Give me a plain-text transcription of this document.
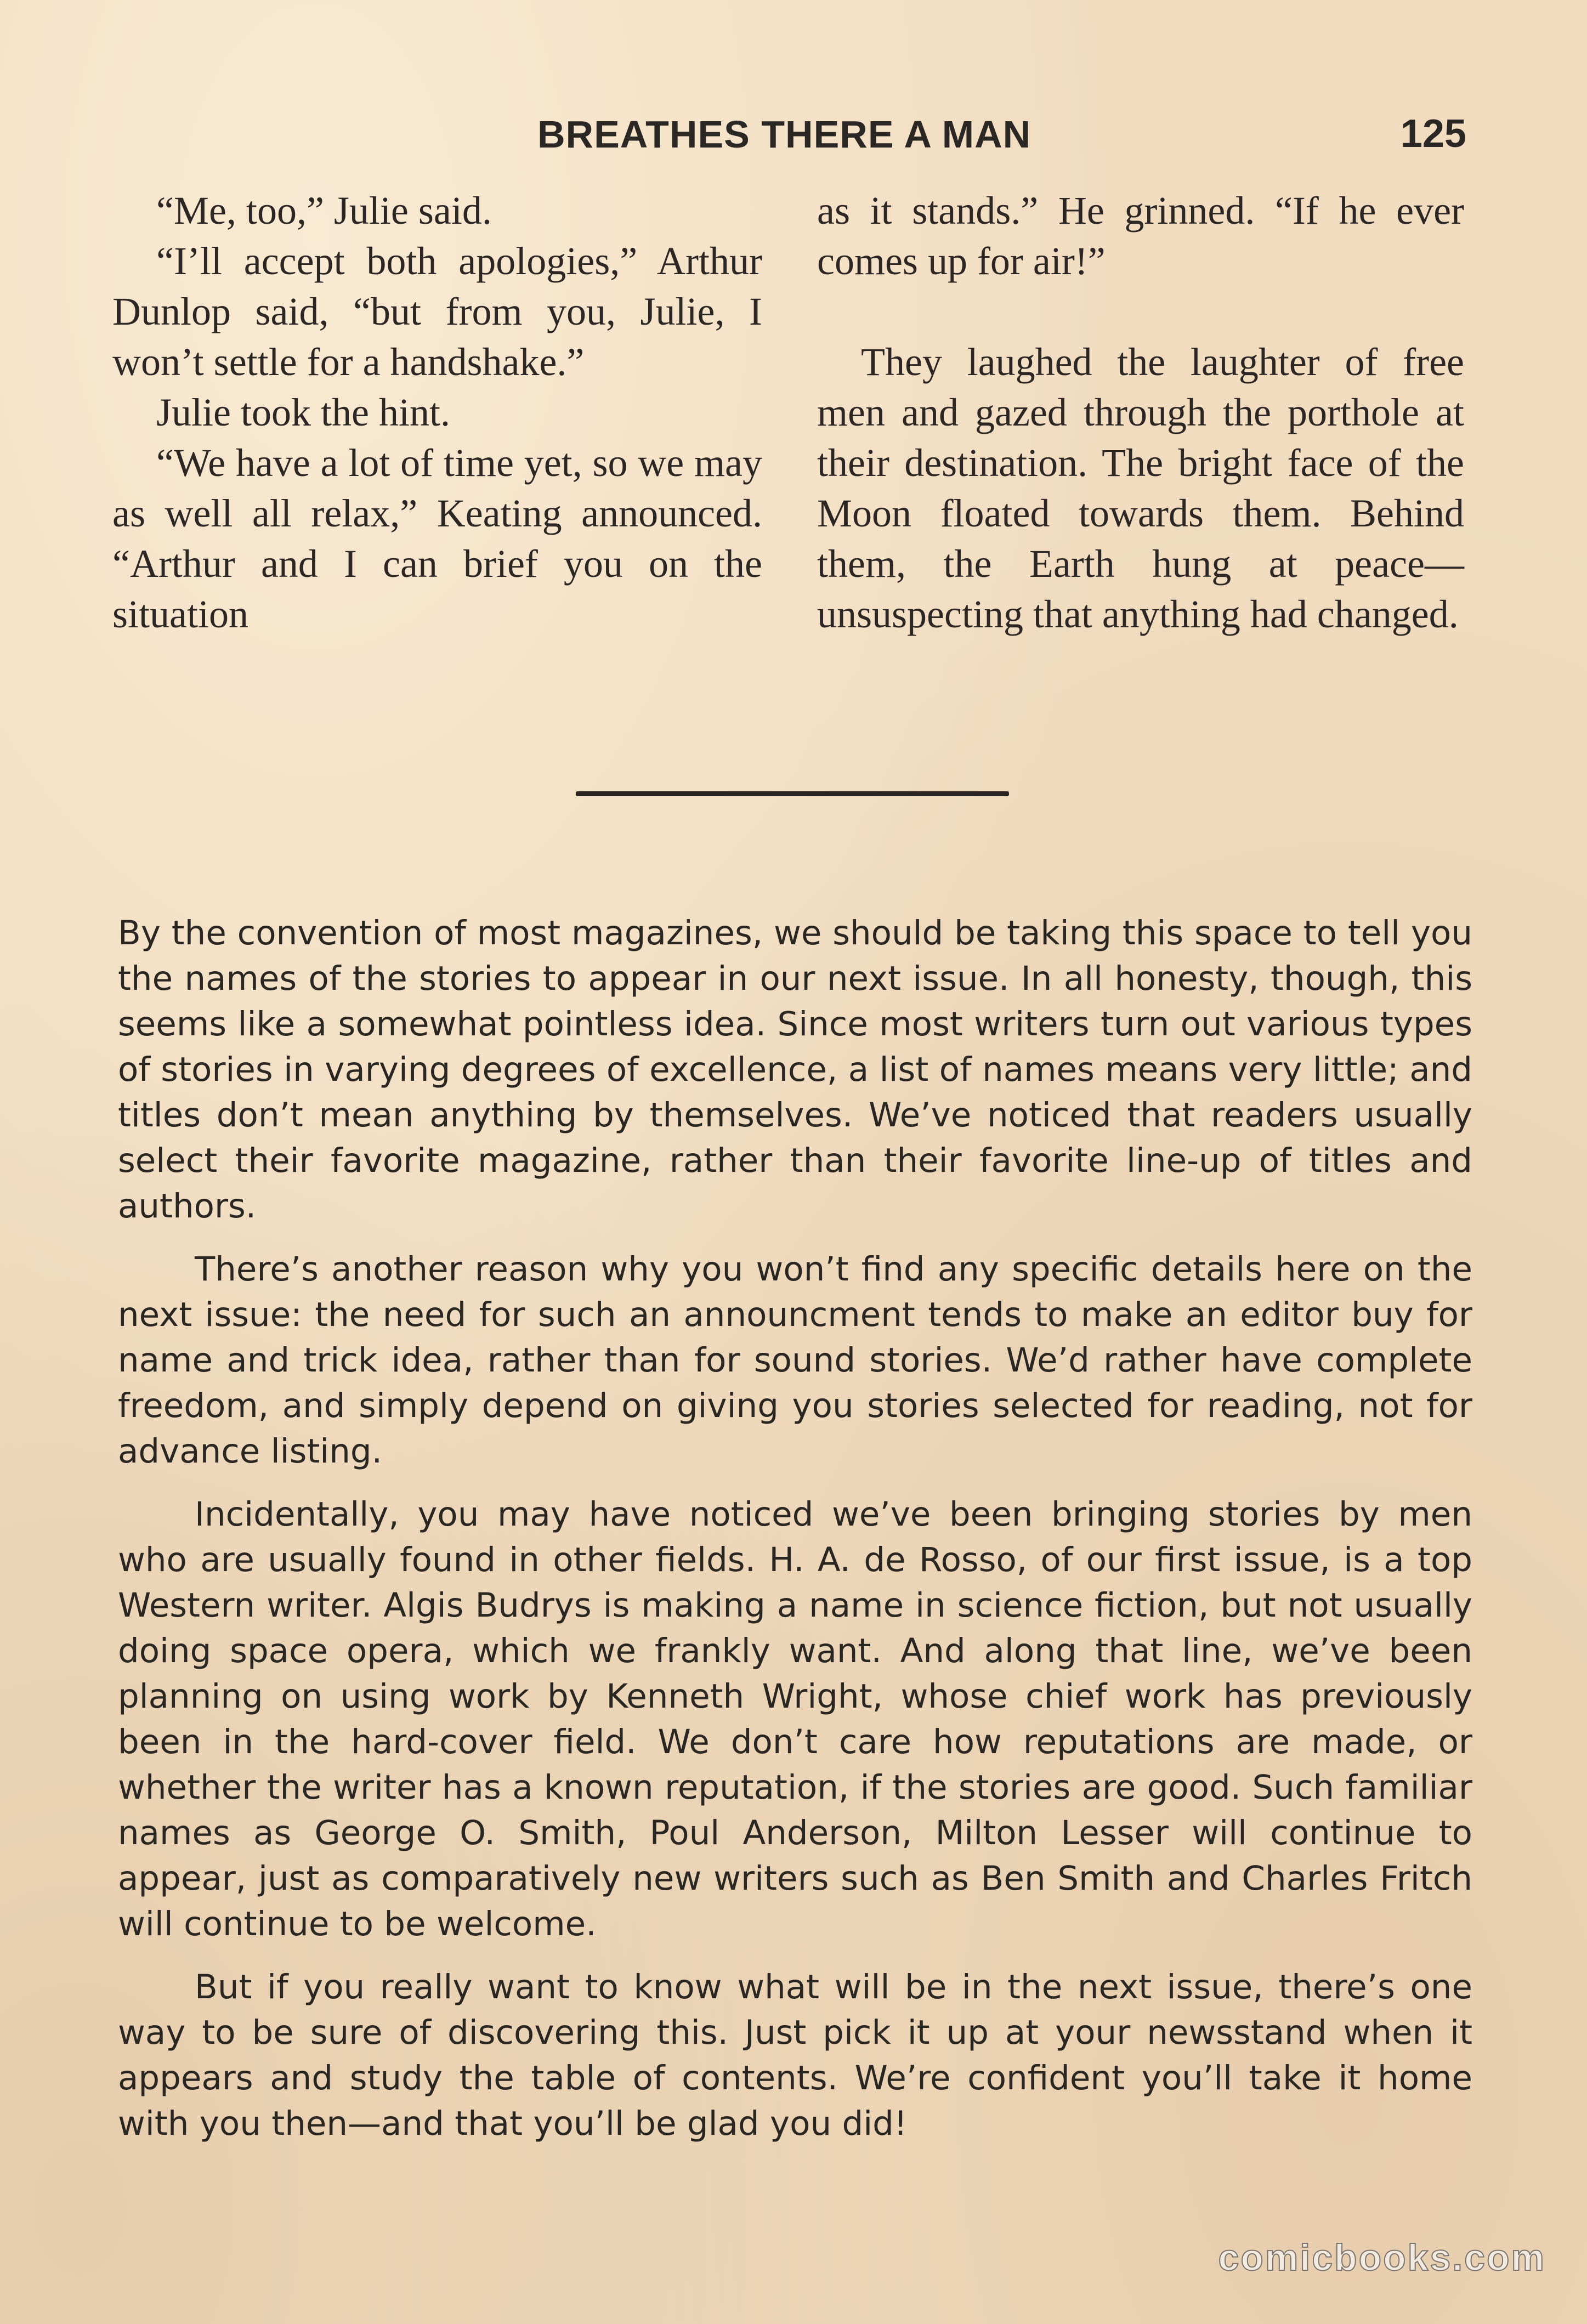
BREATHES THERE A MAN	125

“Me, too,” Julie said.

“I’ll accept both apologies,” Arthur Dunlop said, “but from you, Julie, I won’t settle for a handshake.”

Julie took the hint.

“We have a lot of time yet, so we may as well all relax,” Keating announced. “Arthur and I can brief you on the situation

as it stands.” He grinned. “If he ever comes up for air!”

They laughed the laughter of free men and gazed through the porthole at their destination. The bright face of the Moon floated towards them. Behind them, the Earth hung at peace—unsuspecting that anything had changed.

By the convention of most magazines, we should be taking this space to tell you the names of the stories to appear in our next issue. In all honesty, though, this seems like a somewhat pointless idea. Since most writers turn out various types of stories in varying degrees of excellence, a list of names means very little; and titles don’t mean anything by themselves. We’ve noticed that readers usually select their favorite magazine, rather than their favorite line-up of titles and authors.

There’s another reason why you won’t find any specific details here on the next issue: the need for such an announcment tends to make an editor buy for name and trick idea, rather than for sound stories. We’d rather have complete freedom, and simply depend on giving you stories selected for reading, not for advance listing.

Incidentally, you may have noticed we’ve been bringing stories by men who are usually found in other fields. H. A. de Rosso, of our first issue, is a top Western writer. Algis Budrys is making a name in science fiction, but not usually doing space opera, which we frankly want. And along that line, we’ve been planning on using work by Kenneth Wright, whose chief work has previously been in the hard-cover field. We don’t care how reputations are made, or whether the writer has a known reputation, if the stories are good. Such familiar names as George O. Smith, Poul Anderson, Milton Lesser will continue to appear, just as comparatively new writers such as Ben Smith and Charles Fritch will continue to be welcome.

But if you really want to know what will be in the next issue, there’s one way to be sure of discovering this. Just pick it up at your newsstand when it appears and study the table of contents. We’re confident you’ll take it home with you then—and that you’ll be glad you did!

comicbooks.com
